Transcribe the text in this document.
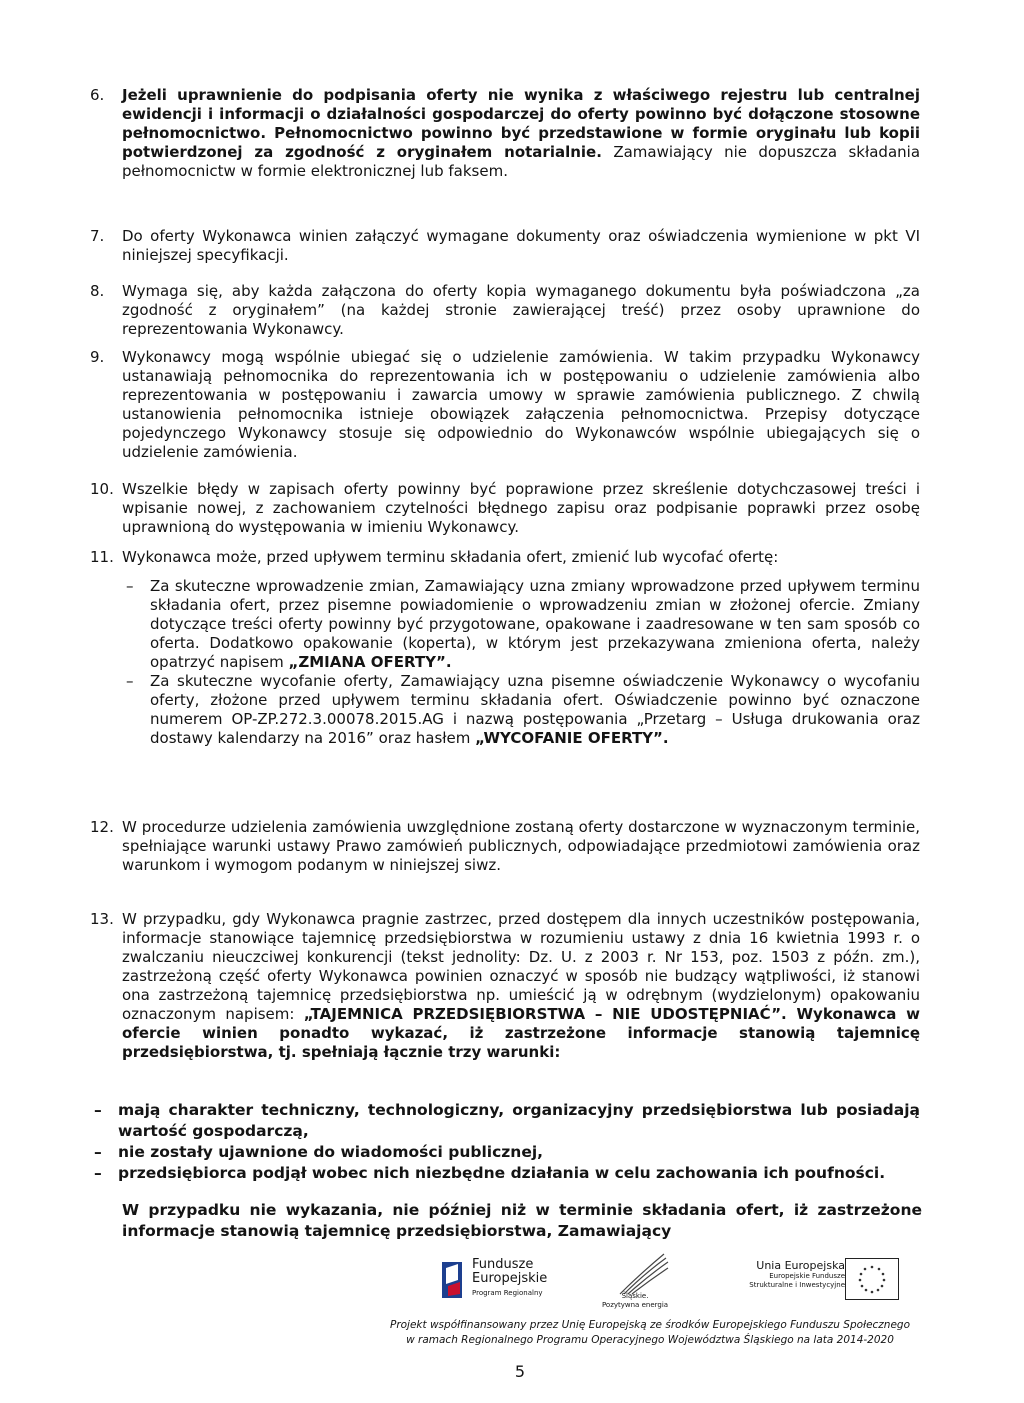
6. Jeżeli uprawnienie do podpisania oferty nie wynika z właściwego rejestru lub centralnej ewidencji i informacji o działalności gospodarczej do oferty powinno być dołączone stosowne pełnomocnictwo. Pełnomocnictwo powinno być przedstawione w formie oryginału lub kopii potwierdzonej za zgodność z oryginałem notarialnie. Zamawiający nie dopuszcza składania pełnomocnictw w formie elektronicznej lub faksem.

7. Do oferty Wykonawca winien załączyć wymagane dokumenty oraz oświadczenia wymienione w pkt VI niniejszej specyfikacji.

8. Wymaga się, aby każda załączona do oferty kopia wymaganego dokumentu była poświadczona „za zgodność z oryginałem” (na każdej stronie zawierającej treść) przez osoby uprawnione do reprezentowania Wykonawcy.

9. Wykonawcy mogą wspólnie ubiegać się o udzielenie zamówienia. W takim przypadku Wykonawcy ustanawiają pełnomocnika do reprezentowania ich w postępowaniu o udzielenie zamówienia albo reprezentowania w postępowaniu i zawarcia umowy w sprawie zamówienia publicznego. Z chwilą ustanowienia pełnomocnika istnieje obowiązek załączenia pełnomocnictwa. Przepisy dotyczące pojedynczego Wykonawcy stosuje się odpowiednio do Wykonawców wspólnie ubiegających się o udzielenie zamówienia.

10. Wszelkie błędy w zapisach oferty powinny być poprawione przez skreślenie dotychczasowej treści i wpisanie nowej, z zachowaniem czytelności błędnego zapisu oraz podpisanie poprawki przez osobę uprawnioną do występowania w imieniu Wykonawcy.

11. Wykonawca może, przed upływem terminu składania ofert, zmienić lub wycofać ofertę:

– Za skuteczne wprowadzenie zmian, Zamawiający uzna zmiany wprowadzone przed upływem terminu składania ofert, przez pisemne powiadomienie o wprowadzeniu zmian w złożonej ofercie. Zmiany dotyczące treści oferty powinny być przygotowane, opakowane i zaadresowane w ten sam sposób co oferta. Dodatkowo opakowanie (koperta), w którym jest przekazywana zmieniona oferta, należy opatrzyć napisem „ZMIANA OFERTY”.
– Za skuteczne wycofanie oferty, Zamawiający uzna pisemne oświadczenie Wykonawcy o wycofaniu oferty, złożone przed upływem terminu składania ofert. Oświadczenie powinno być oznaczone numerem OP-ZP.272.3.00078.2015.AG i nazwą postępowania „Przetarg – Usługa drukowania oraz dostawy kalendarzy na 2016” oraz hasłem „WYCOFANIE OFERTY”.
12. W procedurze udzielenia zamówienia uwzględnione zostaną oferty dostarczone w wyznaczonym terminie, spełniające warunki ustawy Prawo zamówień publicznych, odpowiadające przedmiotowi zamówienia oraz warunkom i wymogom podanym w niniejszej siwz.

13. W przypadku, gdy Wykonawca pragnie zastrzec, przed dostępem dla innych uczestników postępowania, informacje stanowiące tajemnicę przedsiębiorstwa w rozumieniu ustawy z dnia 16 kwietnia 1993 r. o zwalczaniu nieuczciwej konkurencji (tekst jednolity: Dz. U. z 2003 r. Nr 153, poz. 1503 z późn. zm.), zastrzeżoną część oferty Wykonawca powinien oznaczyć w sposób nie budzący wątpliwości, iż stanowi ona zastrzeżoną tajemnicę przedsiębiorstwa np. umieścić ją w odrębnym (wydzielonym) opakowaniu oznaczonym napisem: „TAJEMNICA PRZEDSIĘBIORSTWA – NIE UDOSTĘPNIAĆ”. Wykonawca w ofercie winien ponadto wykazać, iż zastrzeżone informacje stanowią tajemnicę przedsiębiorstwa, tj. spełniają łącznie trzy warunki:

– mają charakter techniczny, technologiczny, organizacyjny przedsiębiorstwa lub posiadają wartość gospodarczą,
– nie zostały ujawnione do wiadomości publicznej,
– przedsiębiorca podjął wobec nich niezbędne działania w celu zachowania ich poufności.

W przypadku nie wykazania, nie później niż w terminie składania ofert, iż zastrzeżone informacje stanowią tajemnicę przedsiębiorstwa, Zamawiający

Fundusze
Europejskie
Program Regionalny	Śląskie.
Pozytywna energia
Unia Europejska
Europejskie Fundusze
Strukturalne i Inwestycyjne
Projekt współfinansowany przez Unię Europejską ze środków Europejskiego Funduszu Społecznego
w ramach Regionalnego Programu Operacyjnego Województwa Śląskiego na lata 2014-2020
5
